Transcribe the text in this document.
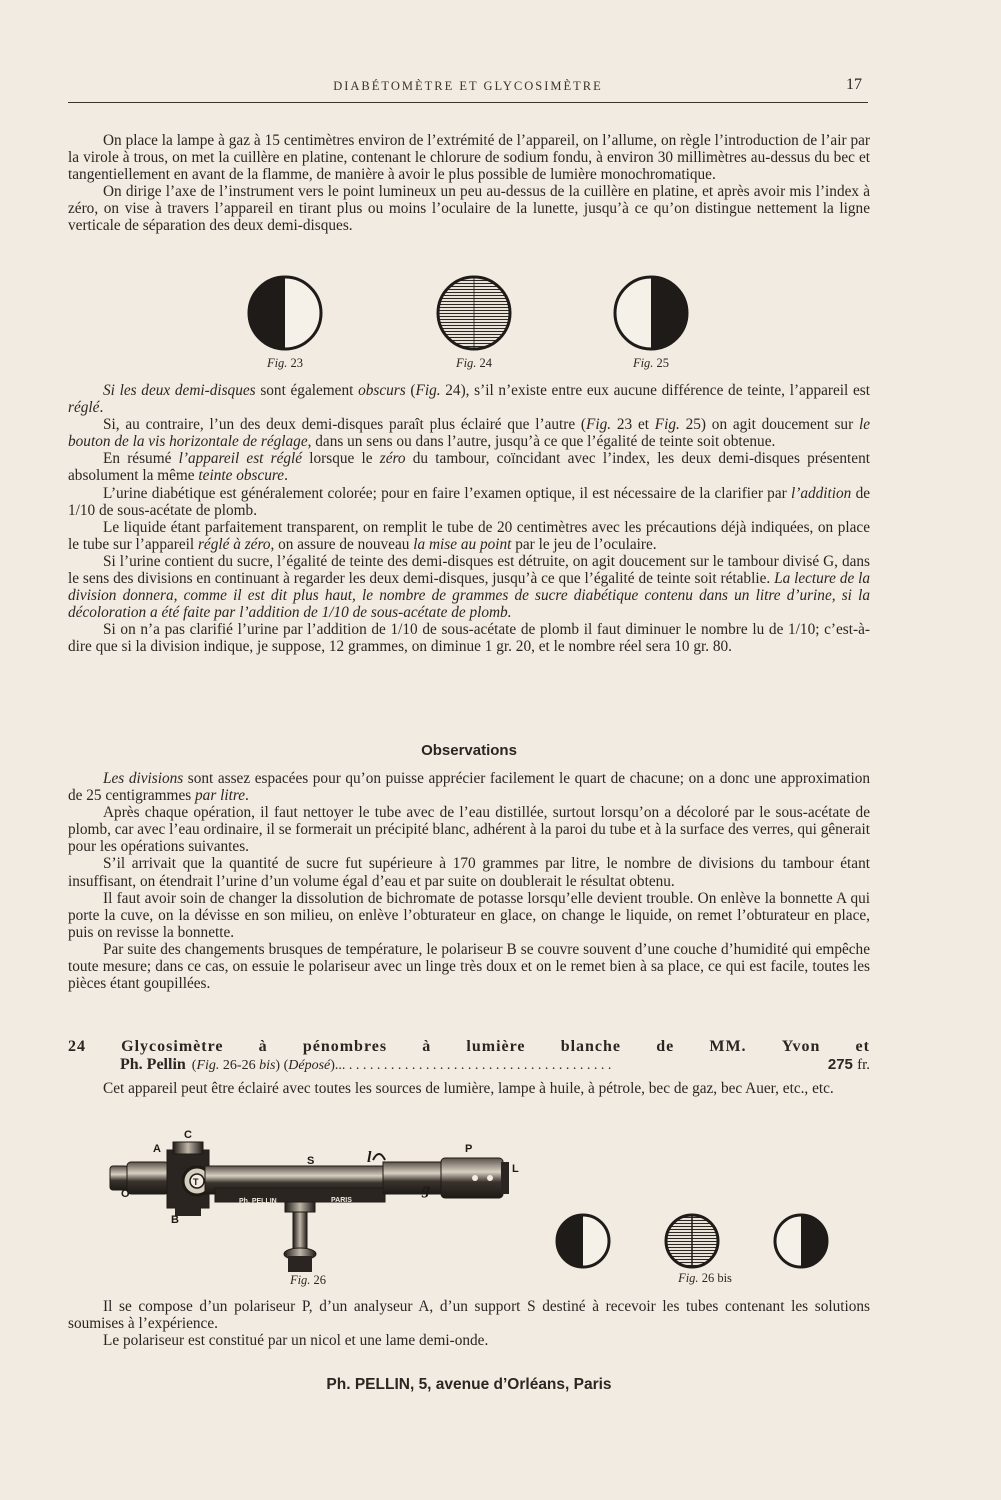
DIABÉTOMÈTRE ET GLYCOSIMÈTRE	17

On place la lampe à gaz à 15 centimètres environ de l’extrémité de l’appareil, on l’allume, on règle l’introduction de l’air par la virole à trous, on met la cuillère en platine, contenant le chlorure de sodium fondu, à environ 30 millimètres au-dessus du bec et tangentiellement en avant de la flamme, de manière à avoir le plus possible de lumière monochromatique.

On dirige l’axe de l’instrument vers le point lumineux un peu au-dessus de la cuillère en platine, et après avoir mis l’index à zéro, on vise à travers l’appareil en tirant plus ou moins l’oculaire de la lunette, jusqu’à ce qu’on distingue nettement la ligne verticale de séparation des deux demi-disques.

Fig. 23	Fig. 24	Fig. 25

Si les deux demi-disques sont également obscurs (Fig. 24), s’il n’existe entre eux aucune différence de teinte, l’appareil est réglé.

Si, au contraire, l’un des deux demi-disques paraît plus éclairé que l’autre (Fig. 23 et Fig. 25) on agit doucement sur le bouton de la vis horizontale de réglage, dans un sens ou dans l’autre, jusqu’à ce que l’égalité de teinte soit obtenue.

En résumé l’appareil est réglé lorsque le zéro du tambour, coïncidant avec l’index, les deux demi-disques présentent absolument la même teinte obscure.

L’urine diabétique est généralement colorée; pour en faire l’examen optique, il est nécessaire de la clarifier par l’addition de 1/10 de sous-acétate de plomb.

Le liquide étant parfaitement transparent, on remplit le tube de 20 centimètres avec les précautions déjà indiquées, on place le tube sur l’appareil réglé à zéro, on assure de nouveau la mise au point par le jeu de l’oculaire.

Si l’urine contient du sucre, l’égalité de teinte des demi-disques est détruite, on agit doucement sur le tambour divisé G, dans le sens des divisions en continuant à regarder les deux demi-disques, jusqu’à ce que l’égalité de teinte soit rétablie. La lecture de la division donnera, comme il est dit plus haut, le nombre de grammes de sucre diabétique contenu dans un litre d’urine, si la décoloration a été faite par l’addition de 1/10 de sous-acétate de plomb.

Si on n’a pas clarifié l’urine par l’addition de 1/10 de sous-acétate de plomb il faut diminuer le nombre lu de 1/10; c’est-à-dire que si la division indique, je suppose, 12 grammes, on diminue 1 gr. 20, et le nombre réel sera 10 gr. 80.

Observations

Les divisions sont assez espacées pour qu’on puisse apprécier facilement le quart de chacune; on a donc une approximation de 25 centigrammes par litre.

Après chaque opération, il faut nettoyer le tube avec de l’eau distillée, surtout lorsqu’on a décoloré par le sous-acétate de plomb, car avec l’eau ordinaire, il se formerait un précipité blanc, adhérent à la paroi du tube et à la surface des verres, qui gênerait pour les opérations suivantes.

S’il arrivait que la quantité de sucre fut supérieure à 170 grammes par litre, le nombre de divisions du tambour étant insuffisant, on étendrait l’urine d’un volume égal d’eau et par suite on doublerait le résultat obtenu.

Il faut avoir soin de changer la dissolution de bichromate de potasse lorsqu’elle devient trouble. On enlève la bonnette A qui porte la cuve, on la dévisse en son milieu, on enlève l’obturateur en glace, on change le liquide, on remet l’obturateur en place, puis on revisse la bonnette.

Par suite des changements brusques de température, le polariseur B se couvre souvent d’une couche d’humidité qui empêche toute mesure; dans ce cas, on essuie le polariseur avec un linge très doux et on le remet bien à sa place, ce qui est facile, toutes les pièces étant goupillées.

24 Glycosimètre à pénombres à lumière blanche de MM. Yvon et
Ph. Pellin (Fig. 26-26 bis) (Déposé)... . . . . . . . . . . . . . . . . . . . . . . . . . . . . . . . . . . . . . .	275 fr.

Cet appareil peut être éclairé avec toutes les sources de lumière, lampe à huile, à pétrole, bec de gaz, bec Auer, etc., etc.

A
C
O
T
B
S	l	P
L
g
Ph. PELLIN	PARIS
Fig. 26	Fig. 26 bis

Il se compose d’un polariseur P, d’un analyseur A, d’un support S destiné à recevoir les tubes contenant les solutions soumises à l’expérience.

Le polariseur est constitué par un nicol et une lame demi-onde.

Ph. PELLIN, 5, avenue d’Orléans, Paris
